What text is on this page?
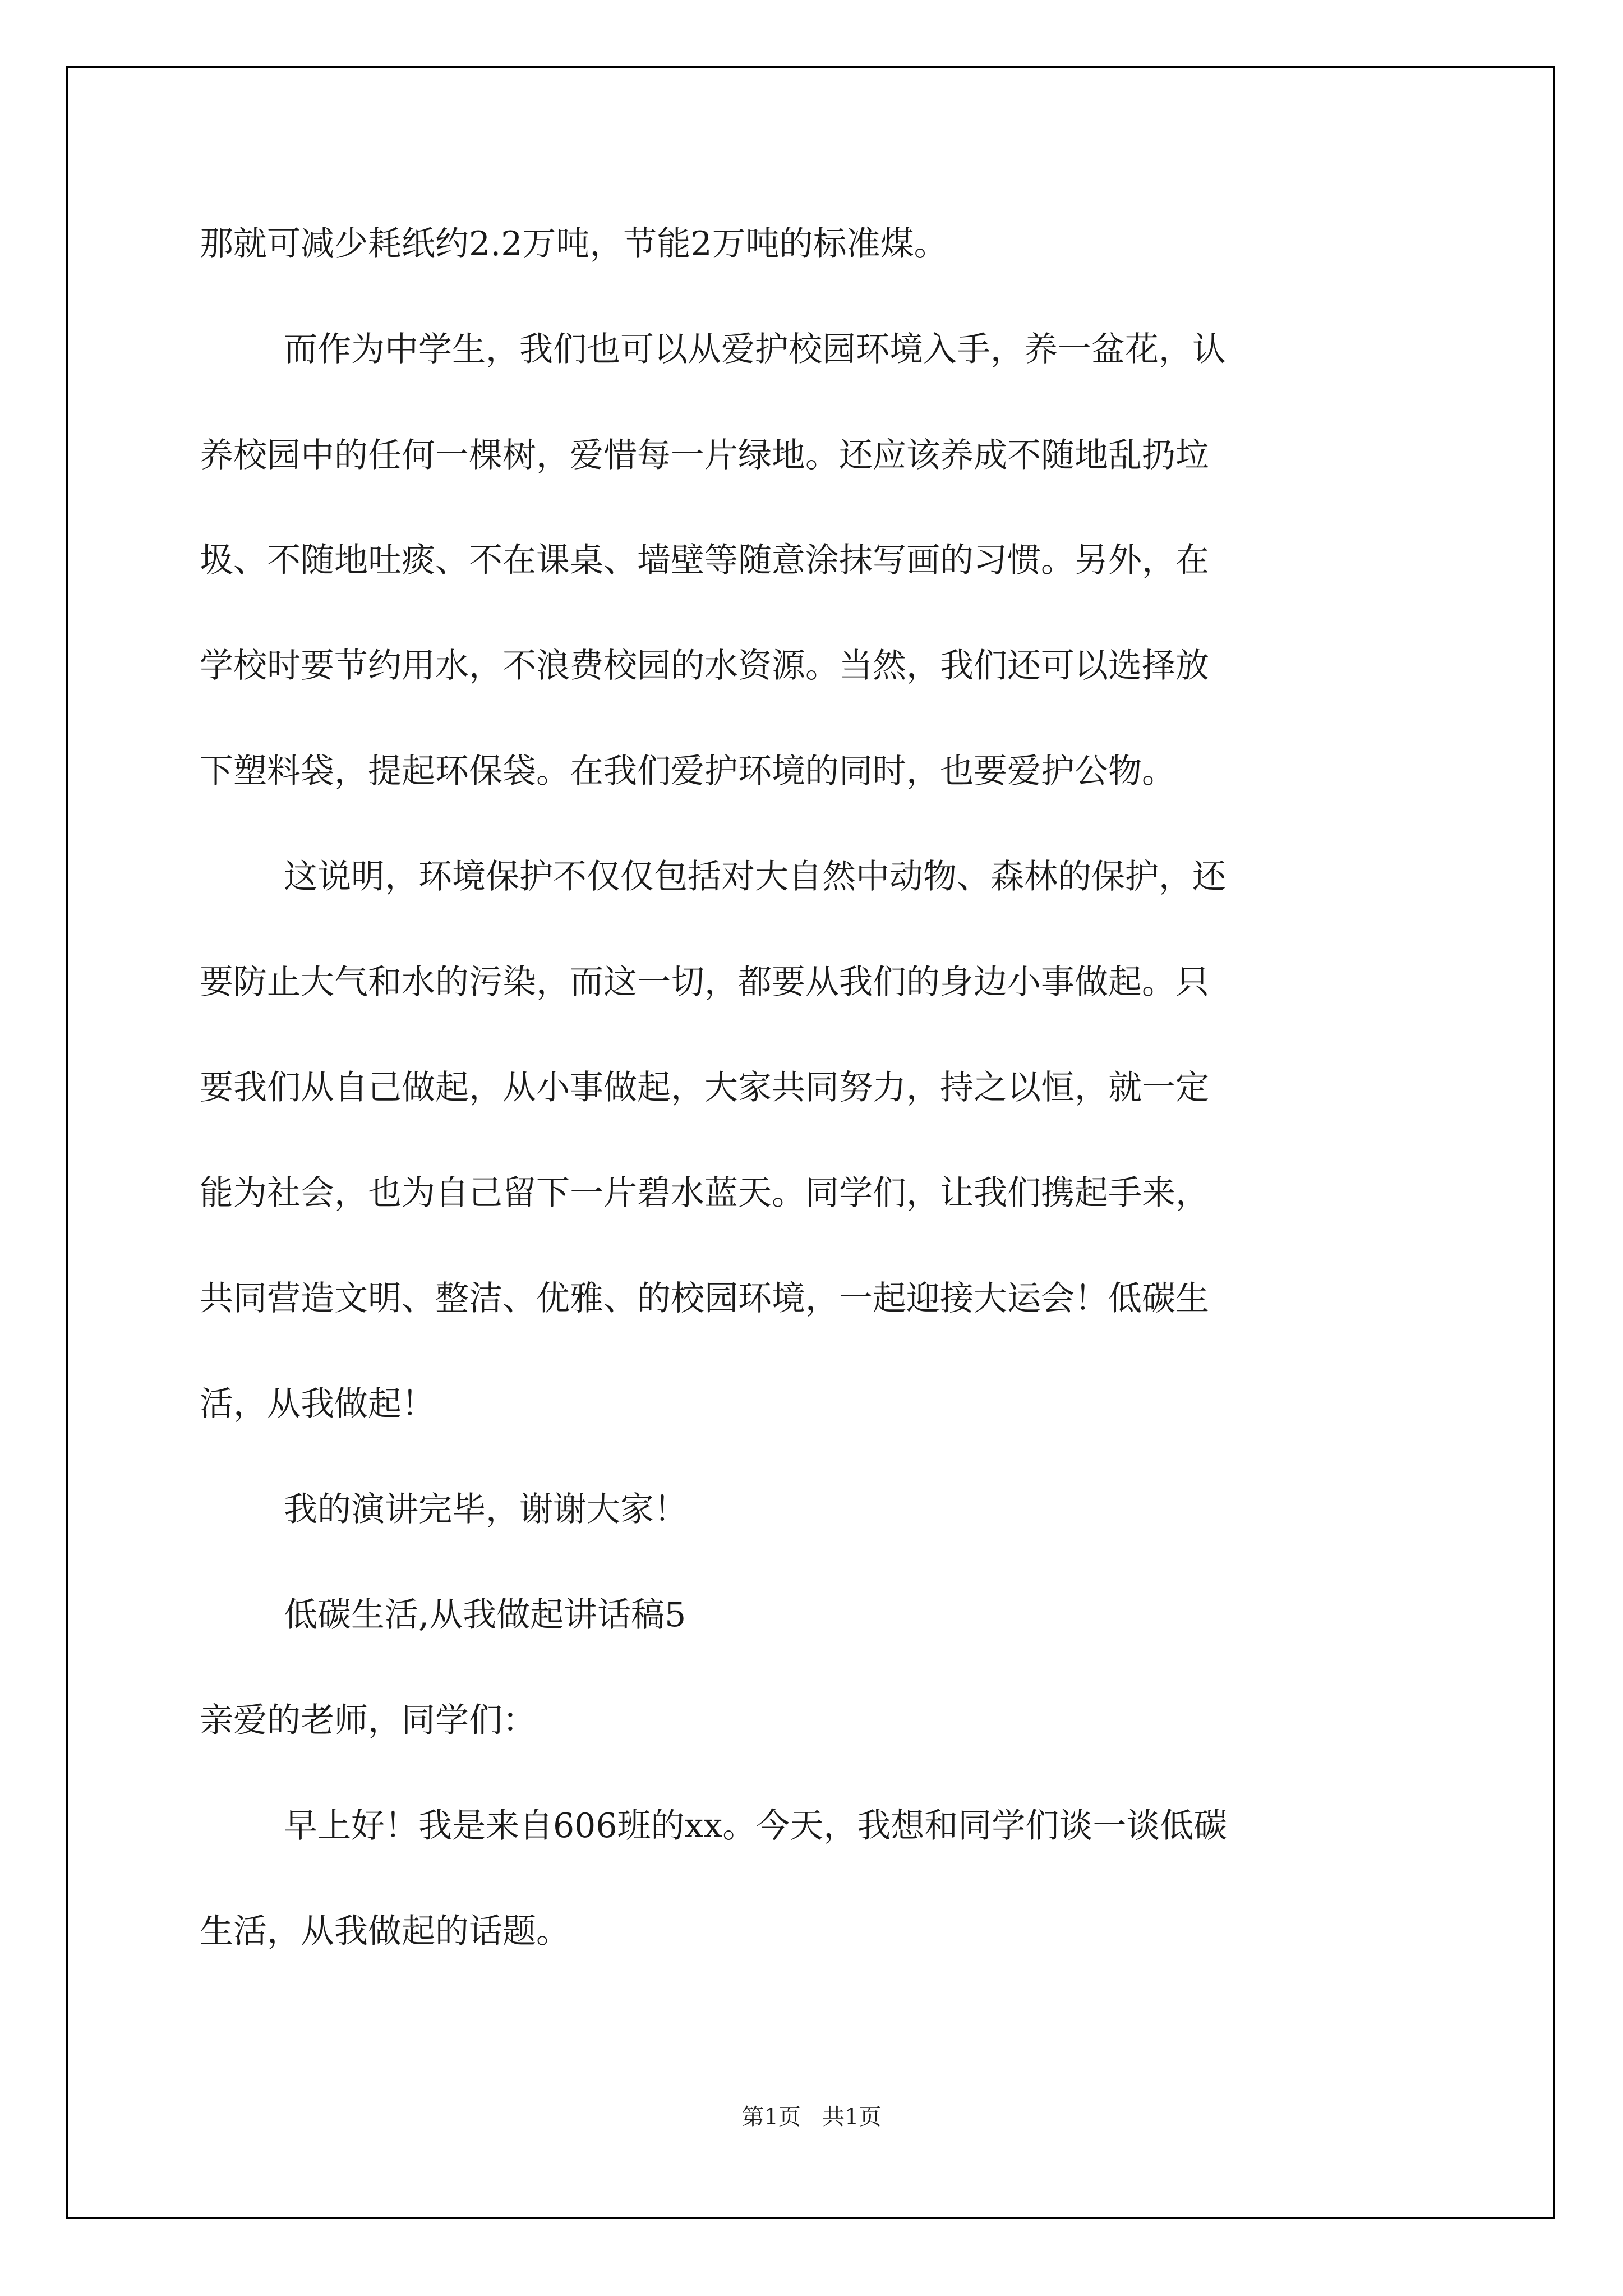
那就可减少耗纸约2.2万吨，节能2万吨的标准煤。
而作为中学生，我们也可以从爱护校园环境入手，养一盆花，认
养校园中的任何一棵树，爱惜每一片绿地。还应该养成不随地乱扔垃
圾、不随地吐痰、不在课桌、墙壁等随意涂抹写画的习惯。另外，在
学校时要节约用水，不浪费校园的水资源。当然，我们还可以选择放
下塑料袋，提起环保袋。在我们爱护环境的同时，也要爱护公物。
这说明，环境保护不仅仅包括对大自然中动物、森林的保护，还
要防止大气和水的污染，而这一切，都要从我们的身边小事做起。只
要我们从自己做起，从小事做起，大家共同努力，持之以恒，就一定
能为社会，也为自己留下一片碧水蓝天。同学们，让我们携起手来，
共同营造文明、整洁、优雅、的校园环境，一起迎接大运会！低碳生
活，从我做起！
我的演讲完毕，谢谢大家！
低碳生活,从我做起讲话稿5
亲爱的老师，同学们：
早上好！我是来自606班的xx。今天，我想和同学们谈一谈低碳
生活，从我做起的话题。
第1页   共1页
